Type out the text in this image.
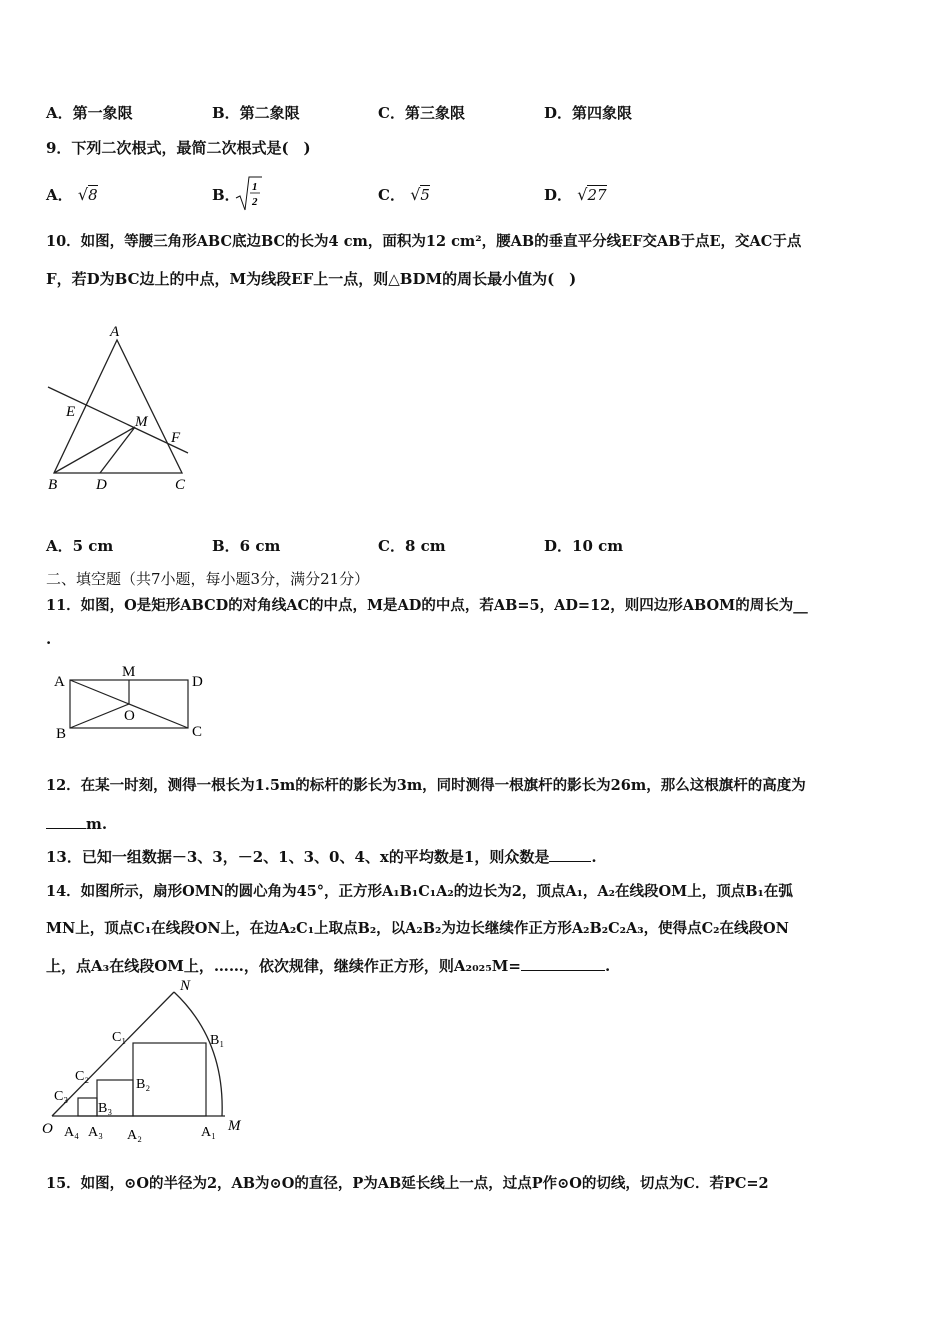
A．第一象限	B．第二象限	C．第三象限	D．第四象限
9．下列二次根式，最简二次根式是(　)
A． √8	B． 1
2	C． √5	D． √27
10．如图，等腰三角形ABC底边BC的长为4 cm，面积为12 cm²，腰AB的垂直平分线EF交AB于点E，交AC于点
F，若D为BC边上的中点，M为线段EF上一点，则△BDM的周长最小值为(　)
A
E
M
F
B	D	C
A．5 cm	B．6 cm	C．8 cm	D．10 cm
二、填空题（共7小题，每小题3分，满分21分）
11．如图，O是矩形ABCD的对角线AC的中点，M是AD的中点，若AB=5，AD=12，则四边形ABOM的周长为__
.
A
M
D
O
B	C
12．在某一时刻，测得一根长为1.5m的标杆的影长为3m，同时测得一根旗杆的影长为26m，那么这根旗杆的高度为
m.
13．已知一组数据－3、3，－2、1、3、0、4、x的平均数是1，则众数是	.
14．如图所示，扇形OMN的圆心角为45°，正方形A₁B₁C₁A₂的边长为2，顶点A₁，A₂在线段OM上，顶点B₁在弧
MN上，顶点C₁在线段ON上，在边A₂C₁上取点B₂，以A₂B₂为边长继续作正方形A₂B₂C₂A₃，使得点C₂在线段ON
上，点A₃在线段OM上，……，依次规律，继续作正方形，则A₂₀₂₅M=	.
N
M
O
C₁	B₁
C₂
B₂
C₃
B₃
A₄ A₃ A₂	A₁
15．如图，⊙O的半径为2，AB为⊙O的直径，P为AB延长线上一点，过点P作⊙O的切线，切点为C．若PC=2
